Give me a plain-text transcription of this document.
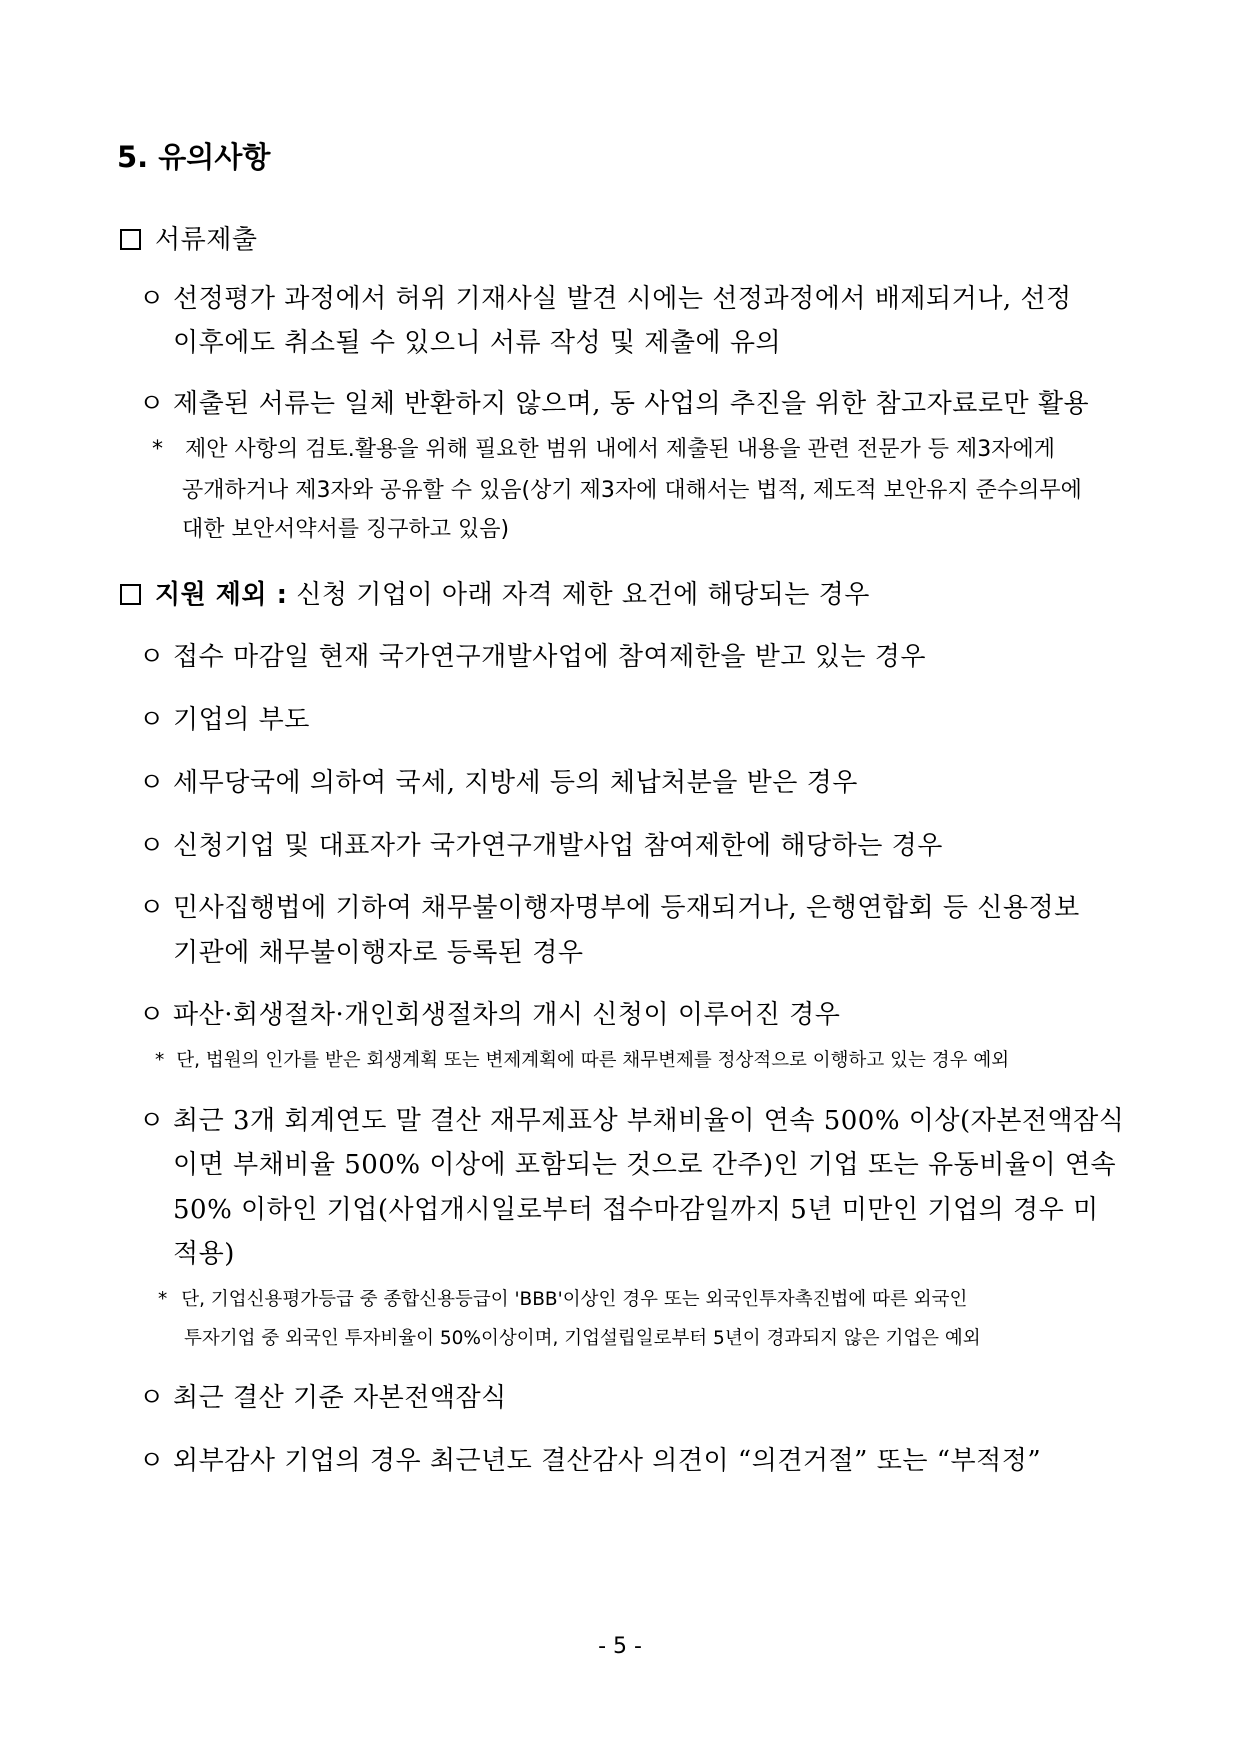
5. 유의사항
서류제출
ㅇ 선정평가 과정에서 허위 기재사실 발견 시에는 선정과정에서 배제되거나, 선정
이후에도 취소될 수 있으니 서류 작성 및 제출에 유의
ㅇ 제출된 서류는 일체 반환하지 않으며, 동 사업의 추진을 위한 참고자료로만 활용
* 제안 사항의 검토.활용을 위해 필요한 범위 내에서 제출된 내용을 관련 전문가 등 제3자에게
공개하거나 제3자와 공유할 수 있음(상기 제3자에 대해서는 법적, 제도적 보안유지 준수의무에
대한 보안서약서를 징구하고 있음)
지원 제외 : 신청 기업이 아래 자격 제한 요건에 해당되는 경우
ㅇ 접수 마감일 현재 국가연구개발사업에 참여제한을 받고 있는 경우
ㅇ 기업의 부도
ㅇ 세무당국에 의하여 국세, 지방세 등의 체납처분을 받은 경우
ㅇ 신청기업 및 대표자가 국가연구개발사업 참여제한에 해당하는 경우
ㅇ 민사집행법에 기하여 채무불이행자명부에 등재되거나, 은행연합회 등 신용정보
기관에 채무불이행자로 등록된 경우
ㅇ 파산·회생절차·개인회생절차의 개시 신청이 이루어진 경우
* 단, 법원의 인가를 받은 회생계획 또는 변제계획에 따른 채무변제를 정상적으로 이행하고 있는 경우 예외
ㅇ 최근 3개 회계연도 말 결산 재무제표상 부채비율이 연속 500% 이상(자본전액잠식
이면 부채비율 500% 이상에 포함되는 것으로 간주)인 기업 또는 유동비율이 연속
50% 이하인 기업(사업개시일로부터 접수마감일까지 5년 미만인 기업의 경우 미
적용)
* 단, 기업신용평가등급 중 종합신용등급이 'BBB'이상인 경우 또는 외국인투자촉진법에 따른 외국인
투자기업 중 외국인 투자비율이 50%이상이며, 기업설립일로부터 5년이 경과되지 않은 기업은 예외
ㅇ 최근 결산 기준 자본전액잠식
ㅇ 외부감사 기업의 경우 최근년도 결산감사 의견이 “의견거절” 또는 “부적정”
- 5 -
